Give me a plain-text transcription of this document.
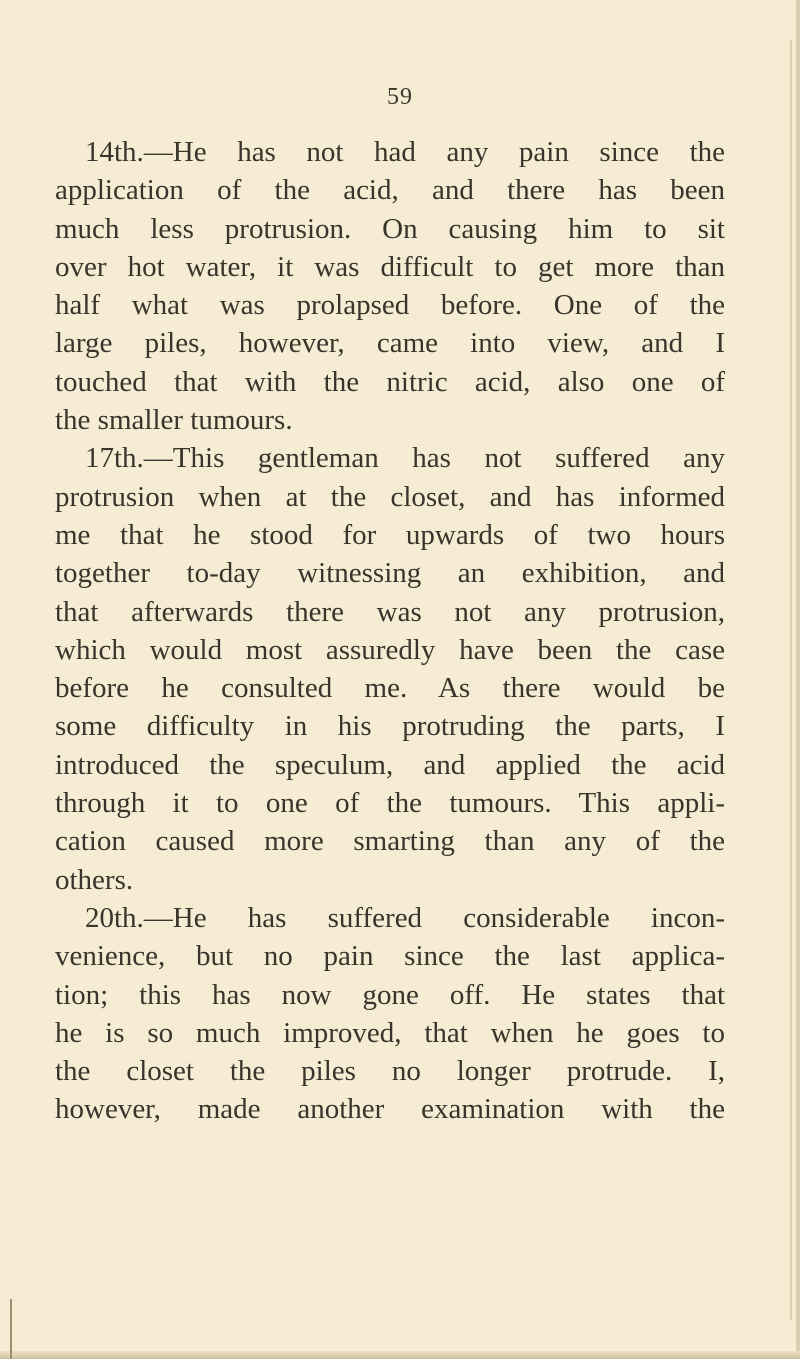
59
14th.—He has not had any pain since the
application of the acid, and there has been
much less protrusion. On causing him to sit
over hot water, it was difficult to get more than
half what was prolapsed before. One of the
large piles, however, came into view, and I
touched that with the nitric acid, also one of
the smaller tumours.
17th.—This gentleman has not suffered any
protrusion when at the closet, and has informed
me that he stood for upwards of two hours
together to-day witnessing an exhibition, and
that afterwards there was not any protrusion,
which would most assuredly have been the case
before he consulted me. As there would be
some difficulty in his protruding the parts, I
introduced the speculum, and applied the acid
through it to one of the tumours. This appli-
cation caused more smarting than any of the
others.
20th.—He has suffered considerable incon-
venience, but no pain since the last applica-
tion; this has now gone off. He states that
he is so much improved, that when he goes to
the closet the piles no longer protrude. I,
however, made another examination with the
